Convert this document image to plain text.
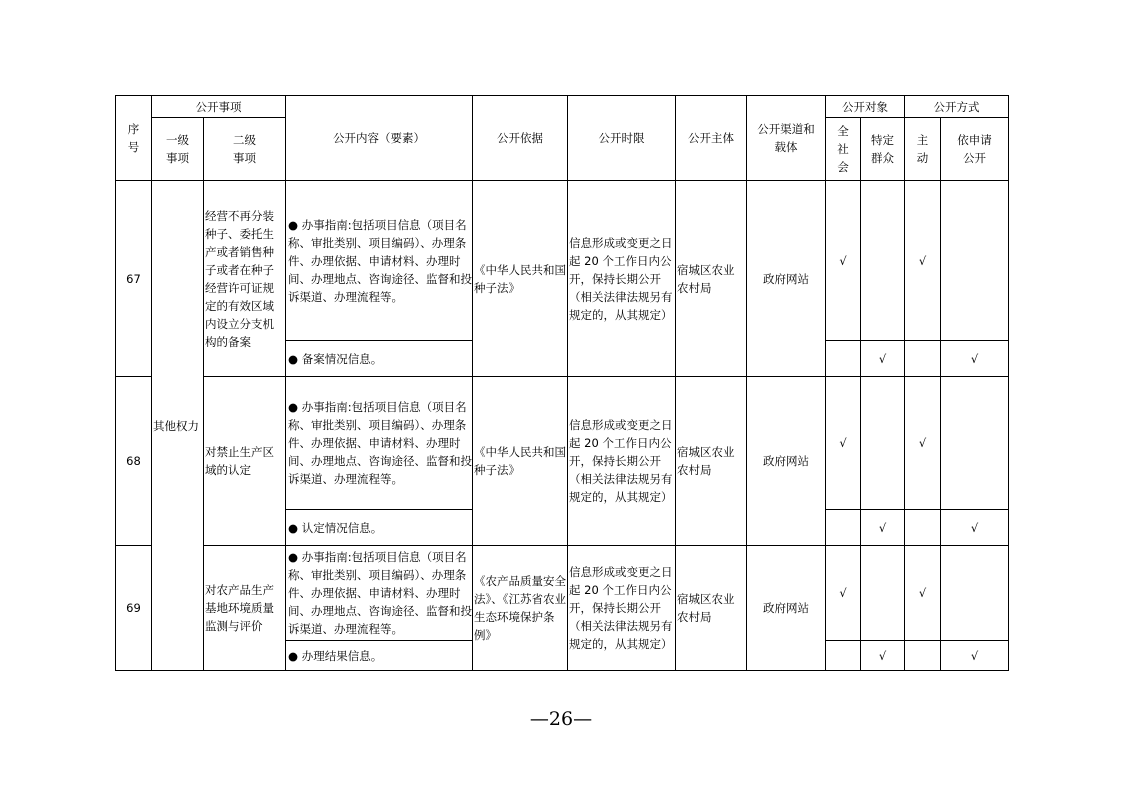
序号	公开事项		公开内容（要素）	公开依据	公开时限	公开主体	公开渠道和载体	公开对象		公开方式	
	一级事项	二级事项						全社会	特定群众	主动	依申请公开
67	其他权力	经营不再分装种子、委托生产或者销售种子或者在种子经营许可证规定的有效区域内设立分支机构的备案	● 办事指南:包括项目信息（项目名称、审批类别、项目编码）、办理条件、办理依据、申请材料、办理时间、办理地点、咨询途径、监督和投诉渠道、办理流程等。	《中华人民共和国种子法》	信息形成或变更之日起 20 个工作日内公开，保持长期公开（相关法律法规另有规定的，从其规定）	宿城区农业农村局	政府网站	√		√	
			● 备案情况信息。						√		√
68		对禁止生产区域的认定	● 办事指南:包括项目信息（项目名称、审批类别、项目编码）、办理条件、办理依据、申请材料、办理时间、办理地点、咨询途径、监督和投诉渠道、办理流程等。	《中华人民共和国种子法》	信息形成或变更之日起 20 个工作日内公开，保持长期公开（相关法律法规另有规定的，从其规定）	宿城区农业农村局	政府网站	√		√	
			● 认定情况信息。						√		√
69		对农产品生产基地环境质量监测与评价	● 办事指南:包括项目信息（项目名称、审批类别、项目编码）、办理条件、办理依据、申请材料、办理时间、办理地点、咨询途径、监督和投诉渠道、办理流程等。	《农产品质量安全法》、《江苏省农业生态环境保护条例》	信息形成或变更之日起 20 个工作日内公开，保持长期公开（相关法律法规另有规定的，从其规定）	宿城区农业农村局	政府网站	√		√	
			● 办理结果信息。						√		√
—26—
